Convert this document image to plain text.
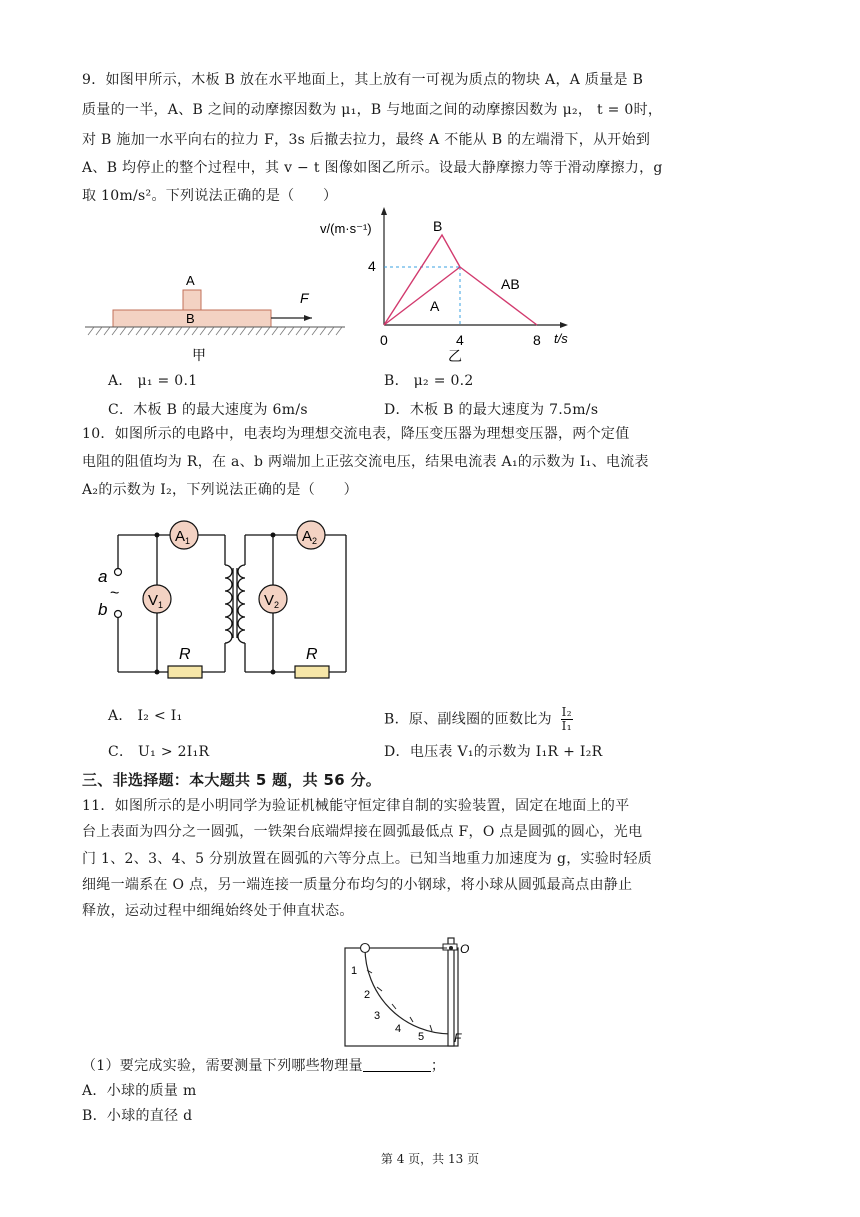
9．如图甲所示，木板 B 放在水平地面上，其上放有一可视为质点的物块 A，A 质量是 B
质量的一半，A、B 之间的动摩擦因数为 μ₁，B 与地面之间的动摩擦因数为 μ₂， t = 0时，
对 B 施加一水平向右的拉力 F，3s 后撤去拉力，最终 A 不能从 B 的左端滑下，从开始到
A、B 均停止的整个过程中，其 v − t 图像如图乙所示。设最大静摩擦力等于滑动摩擦力，g
取 10m/s²。下列说法正确的是（　　）
A
B
F
甲
v/(m·s⁻¹)
t/s
4
0	4	8
B
A
AB
乙
A． μ₁ = 0.1	B． μ₂ = 0.2
C．木板 B 的最大速度为 6m/s	D．木板 B 的最大速度为 7.5m/s
10．如图所示的电路中，电表均为理想交流电表，降压变压器为理想变压器，两个定值
电阻的阻值均为 R，在 a、b 两端加上正弦交流电压，结果电流表 A₁的示数为 I₁、电流表
A₂的示数为 I₂，下列说法正确的是（　　）
a
~
b
$A_1$	$A_2$
$V_1$	$V_2$
R	R
A． I₂ < I₁	B．原、副线圈的匝数比为 $\frac{\text{I₂}}{\text{I₁}}$
C． U₁ > 2I₁R	D．电压表 V₁的示数为 I₁R + I₂R
三、非选择题：本大题共 5 题，共 56 分。
11．如图所示的是小明同学为验证机械能守恒定律自制的实验装置，固定在地面上的平
台上表面为四分之一圆弧，一铁架台底端焊接在圆弧最低点 F，O 点是圆弧的圆心，光电
门 1、2、3、4、5 分别放置在圆弧的六等分点上。已知当地重力加速度为 g，实验时轻质
细绳一端系在 O 点，另一端连接一质量分布均匀的小钢球，将小球从圆弧最高点由静止
释放，运动过程中细绳始终处于伸直状态。
O
F
1
2
3
4
5
（1）要完成实验，需要测量下列哪些物理量	；
A．小球的质量 m
B．小球的直径 d
第 4 页，共 13 页
